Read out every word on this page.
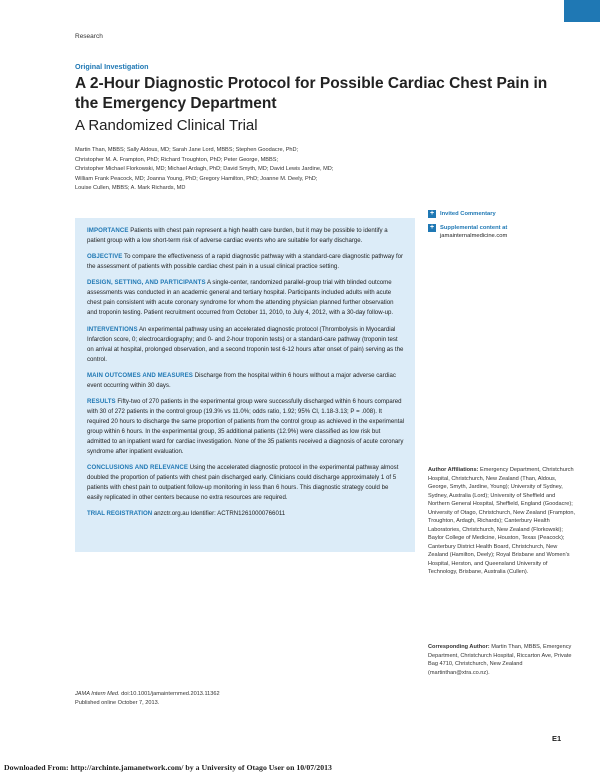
Research
Original Investigation
A 2-Hour Diagnostic Protocol for Possible Cardiac Chest Pain in the Emergency Department
A Randomized Clinical Trial
Martin Than, MBBS; Sally Aldous, MD; Sarah Jane Lord, MBBS; Stephen Goodacre, PhD;
Christopher M. A. Frampton, PhD; Richard Troughton, PhD; Peter George, MBBS;
Christopher Michael Florkowski, MD; Michael Ardagh, PhD; David Smyth, MD; David Lewis Jardine, MD;
William Frank Peacock, MD; Joanna Young, PhD; Gregory Hamilton, PhD; Joanne M. Deely, PhD;
Louise Cullen, MBBS; A. Mark Richards, MD
IMPORTANCE Patients with chest pain represent a high health care burden, but it may be possible to identify a patient group with a low short-term risk of adverse cardiac events who are suitable for early discharge.
OBJECTIVE To compare the effectiveness of a rapid diagnostic pathway with a standard-care diagnostic pathway for the assessment of patients with possible cardiac chest pain in a usual clinical practice setting.
DESIGN, SETTING, AND PARTICIPANTS A single-center, randomized parallel-group trial with blinded outcome assessments was conducted in an academic general and tertiary hospital. Participants included adults with acute chest pain consistent with acute coronary syndrome for whom the attending physician planned further observation and troponin testing. Patient recruitment occurred from October 11, 2010, to July 4, 2012, with a 30-day follow-up.
INTERVENTIONS An experimental pathway using an accelerated diagnostic protocol (Thrombolysis in Myocardial Infarction score, 0; electrocardiography; and 0- and 2-hour troponin tests) or a standard-care pathway (troponin test on arrival at hospital, prolonged observation, and a second troponin test 6-12 hours after onset of pain) serving as the control.
MAIN OUTCOMES AND MEASURES Discharge from the hospital within 6 hours without a major adverse cardiac event occurring within 30 days.
RESULTS Fifty-two of 270 patients in the experimental group were successfully discharged within 6 hours compared with 30 of 272 patients in the control group (19.3% vs 11.0%; odds ratio, 1.92; 95% CI, 1.18-3.13; P = .008). It required 20 hours to discharge the same proportion of patients from the control group as achieved in the experimental group within 6 hours. In the experimental group, 35 additional patients (12.9%) were classified as low risk but admitted to an inpatient ward for cardiac investigation. None of the 35 patients received a diagnosis of acute coronary syndrome after inpatient evaluation.
CONCLUSIONS AND RELEVANCE Using the accelerated diagnostic protocol in the experimental pathway almost doubled the proportion of patients with chest pain discharged early. Clinicians could discharge approximately 1 of 5 patients with chest pain to outpatient follow-up monitoring in less than 6 hours. This diagnostic strategy could be easily replicated in other centers because no extra resources are required.
TRIAL REGISTRATION anzctr.org.au Identifier: ACTRN12610000766011
JAMA Intern Med. doi:10.1001/jamainternmed.2013.11362
Published online October 7, 2013.
+	Invited Commentary
+	Supplemental content at
jamainternalmedicine.com
Author Affiliations: Emergency Department, Christchurch Hospital, Christchurch, New Zealand (Than, Aldous, George, Smyth, Jardine, Young); University of Sydney, Sydney, Australia (Lord); University of Sheffield and Northern General Hospital, Sheffield, England (Goodacre); University of Otago, Christchurch, New Zealand (Frampton, Troughton, Ardagh, Richards); Canterbury Health Laboratories, Christchurch, New Zealand (Florkowski); Baylor College of Medicine, Houston, Texas (Peacock); Canterbury District Health Board, Christchurch, New Zealand (Hamilton, Deely); Royal Brisbane and Women's Hospital, Herston, and Queensland University of Technology, Brisbane, Australia (Cullen).
Corresponding Author: Martin Than, MBBS, Emergency Department, Christchurch Hospital, Riccarton Ave, Private Bag 4710, Christchurch, New Zealand (martinthan@xtra.co.nz).
E1
Downloaded From: http://archinte.jamanetwork.com/ by a University of Otago User on 10/07/2013
